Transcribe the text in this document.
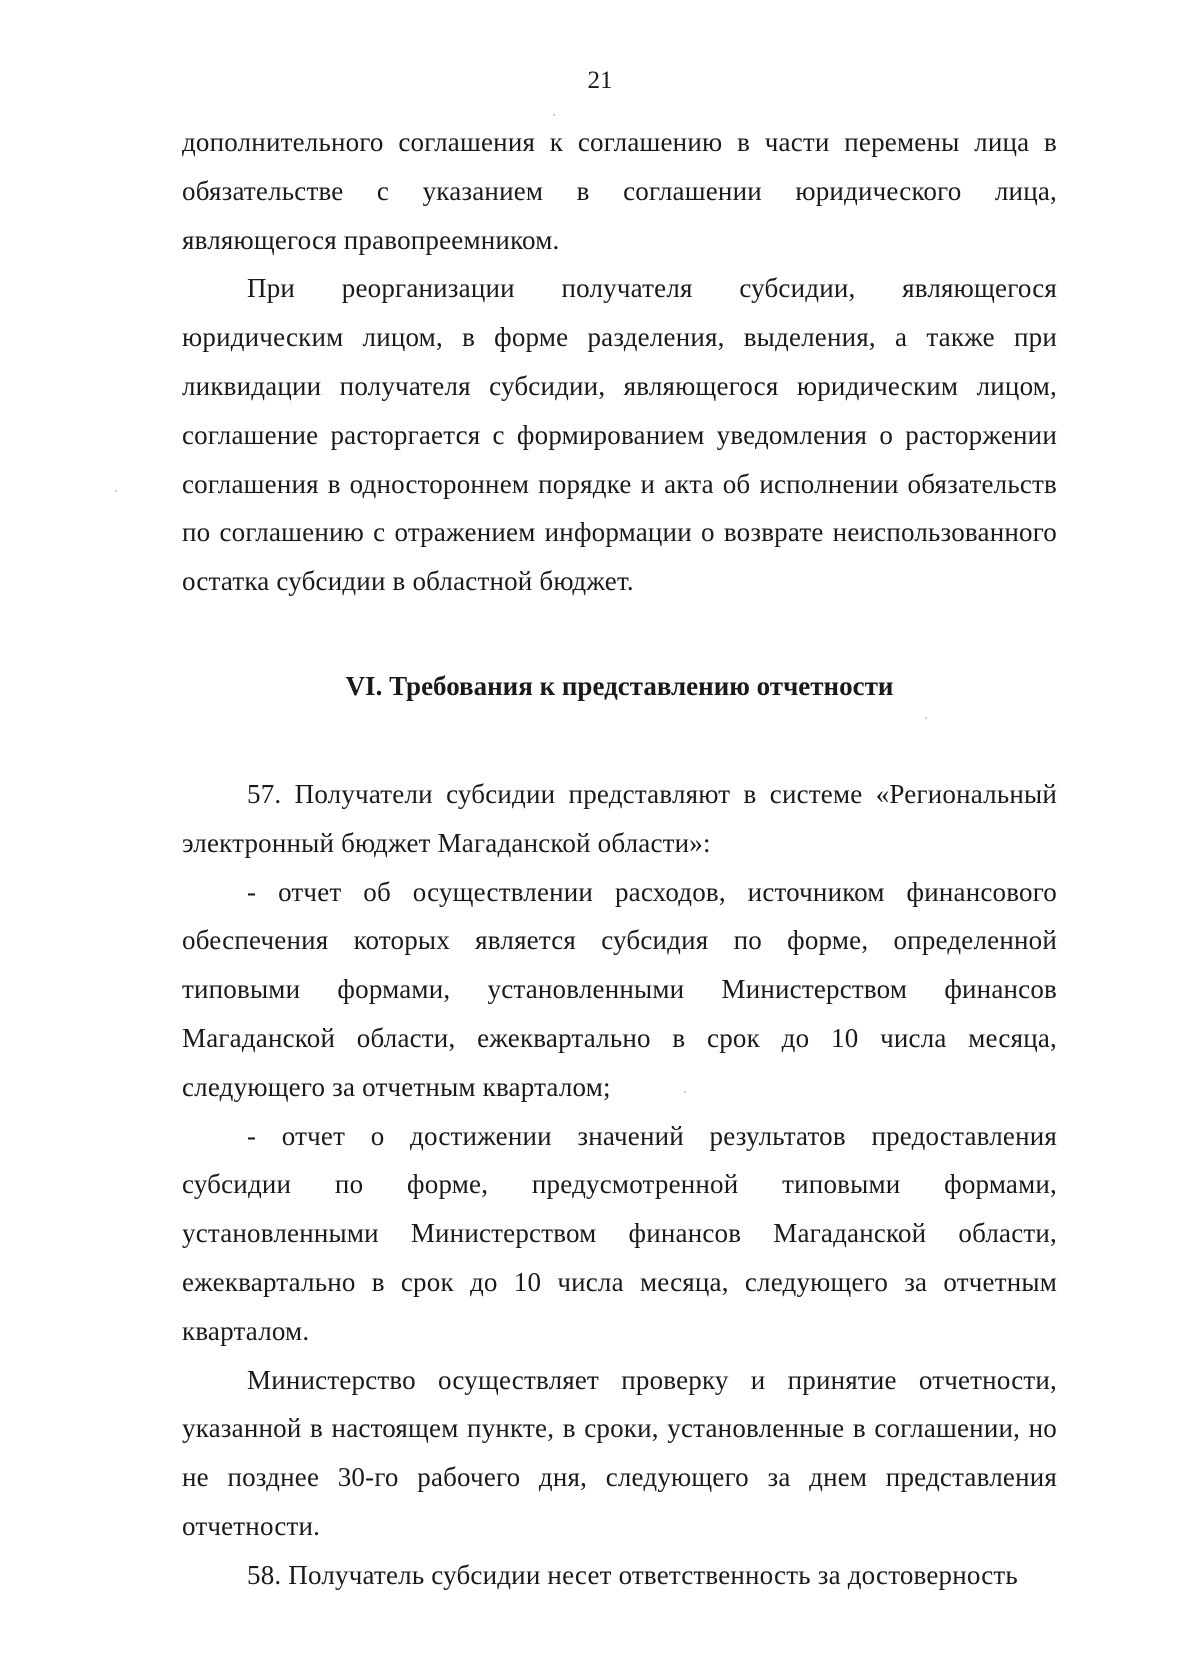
21

дополнительного соглашения к соглашению в части перемены лица в обязательстве с указанием в соглашении юридического лица, являющегося правопреемником.

При реорганизации получателя субсидии, являющегося юридическим лицом, в форме разделения, выделения, а также при ликвидации получателя субсидии, являющегося юридическим лицом, соглашение расторгается с формированием уведомления о расторжении соглашения в одностороннем порядке и акта об исполнении обязательств по соглашению с отражением информации о возврате неиспользованного остатка субсидии в областной бюджет.

VI. Требования к представлению отчетности

57. Получатели субсидии представляют в системе «Региональный электронный бюджет Магаданской области»:

- отчет об осуществлении расходов, источником финансового обеспечения которых является субсидия по форме, определенной типовыми формами, установленными Министерством финансов Магаданской области, ежеквартально в срок до 10 числа месяца, следующего за отчетным кварталом;

- отчет о достижении значений результатов предоставления субсидии по форме, предусмотренной типовыми формами, установленными Министерством финансов Магаданской области, ежеквартально в срок до 10 числа месяца, следующего за отчетным кварталом.

Министерство осуществляет проверку и принятие отчетности, указанной в настоящем пункте, в сроки, установленные в соглашении, но не позднее 30-го рабочего дня, следующего за днем представления отчетности.

58. Получатель субсидии несет ответственность за достоверность
